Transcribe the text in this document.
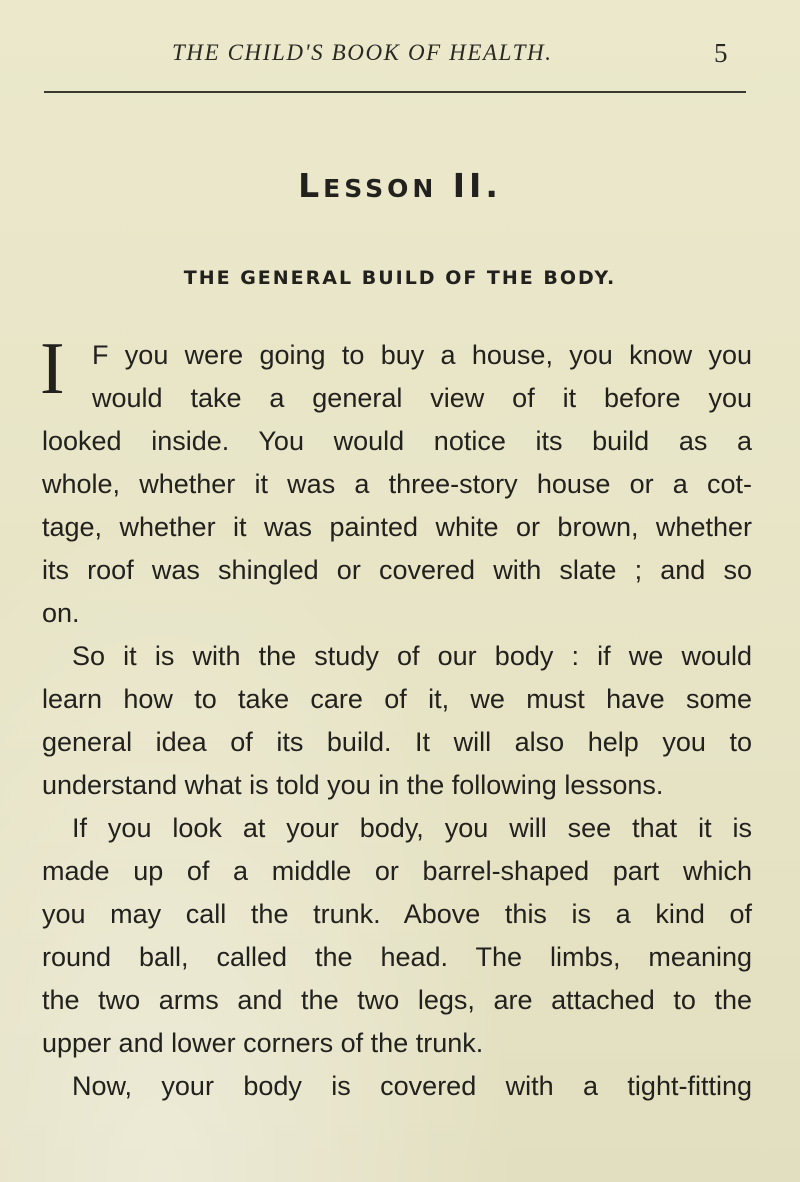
THE CHILD'S BOOK OF HEALTH.	5
LESSON II.
THE GENERAL BUILD OF THE BODY.
I F you were going to buy a house, you know you
would take a general view of it before you
looked inside. You would notice its build as a
whole, whether it was a three-story house or a cot-
tage, whether it was painted white or brown, whether
its roof was shingled or covered with slate ; and so
on.
So it is with the study of our body : if we would
learn how to take care of it, we must have some
general idea of its build. It will also help you to
understand what is told you in the following lessons.
If you look at your body, you will see that it is
made up of a middle or barrel-shaped part which
you may call the trunk. Above this is a kind of
round ball, called the head. The limbs, meaning
the two arms and the two legs, are attached to the
upper and lower corners of the trunk.
Now, your body is covered with a tight-fitting
